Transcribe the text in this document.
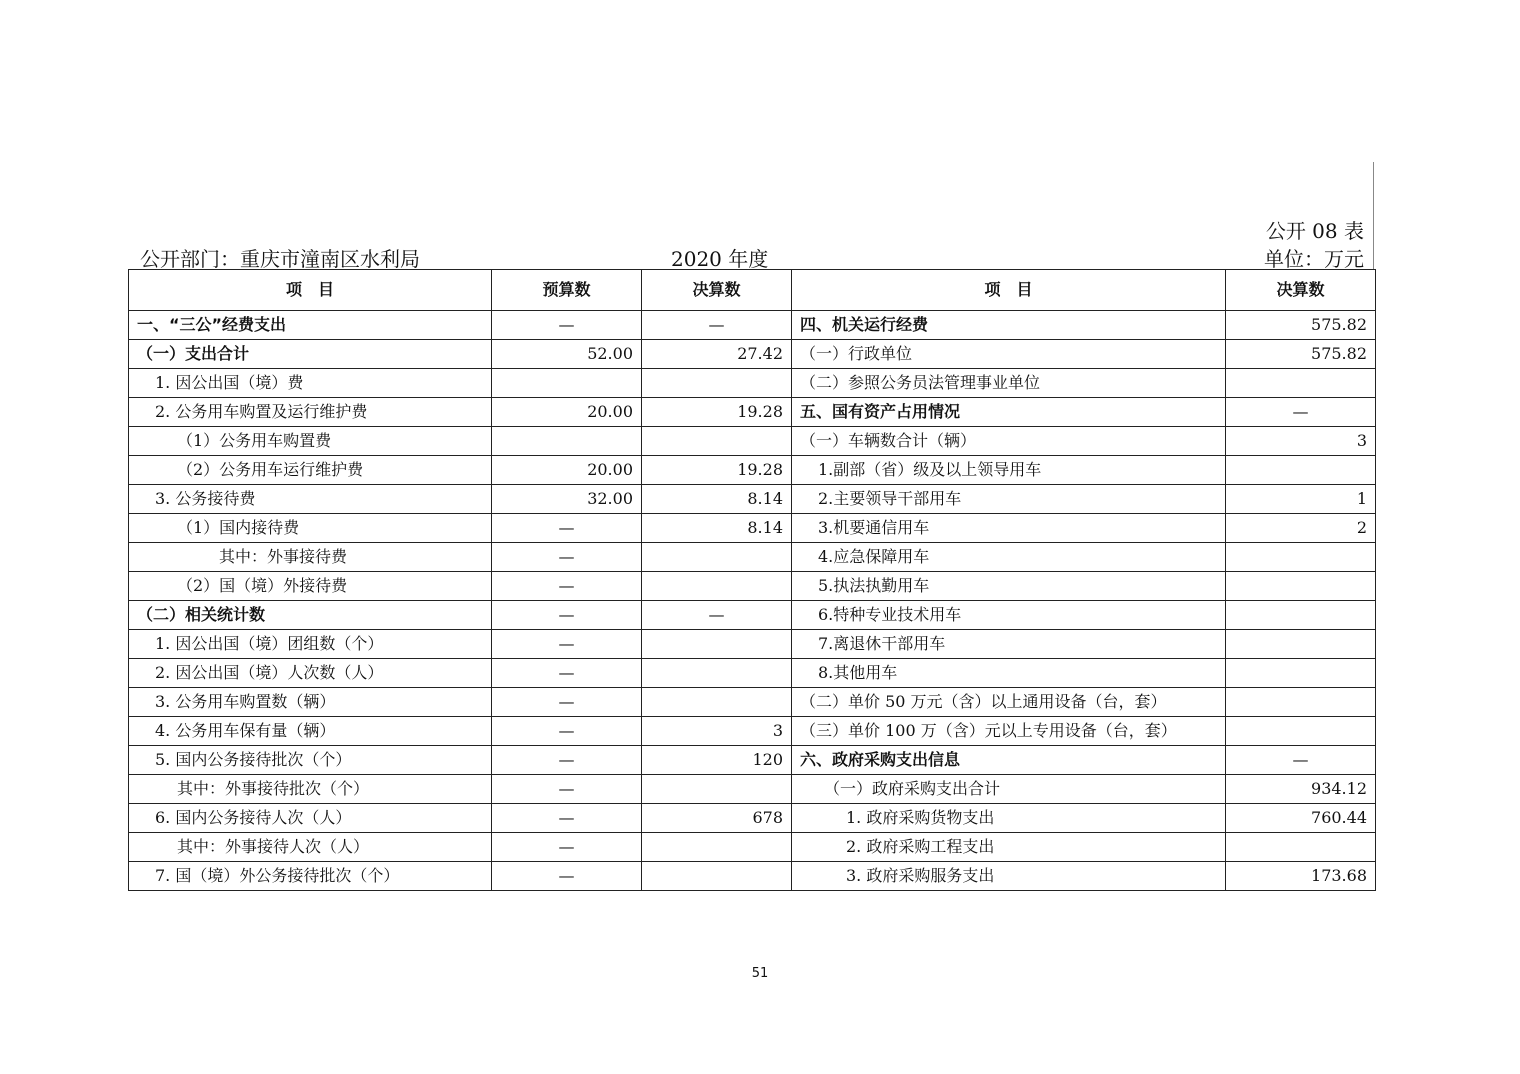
公开部门：重庆市潼南区水利局	2020 年度
公开 08 表
单位：万元
项　目	预算数	决算数	项　目	决算数
一、“三公”经费支出	—	—	四、机关运行经费	575.82
（一）支出合计	52.00	27.42	（一）行政单位	575.82
1. 因公出国（境）费			（二）参照公务员法管理事业单位	
2. 公务用车购置及运行维护费	20.00	19.28	五、国有资产占用情况	—
（1）公务用车购置费			（一）车辆数合计（辆）	3
（2）公务用车运行维护费	20.00	19.28	1.副部（省）级及以上领导用车	
3. 公务接待费	32.00	8.14	2.主要领导干部用车	1
（1）国内接待费	—	8.14	3.机要通信用车	2
其中：外事接待费	—		4.应急保障用车	
（2）国（境）外接待费	—		5.执法执勤用车	
（二）相关统计数	—	—	6.特种专业技术用车	
1. 因公出国（境）团组数（个）	—		7.离退休干部用车	
2. 因公出国（境）人次数（人）	—		8.其他用车	
3. 公务用车购置数（辆）	—		（二）单价 50 万元（含）以上通用设备（台，套）	
4. 公务用车保有量（辆）	—	3	（三）单价 100 万（含）元以上专用设备（台，套）	
5. 国内公务接待批次（个）	—	120	六、政府采购支出信息	—
其中：外事接待批次（个）	—		（一）政府采购支出合计	934.12
6. 国内公务接待人次（人）	—	678	1. 政府采购货物支出	760.44
其中：外事接待人次（人）	—		2. 政府采购工程支出	
7. 国（境）外公务接待批次（个）	—		3. 政府采购服务支出	173.68
51
